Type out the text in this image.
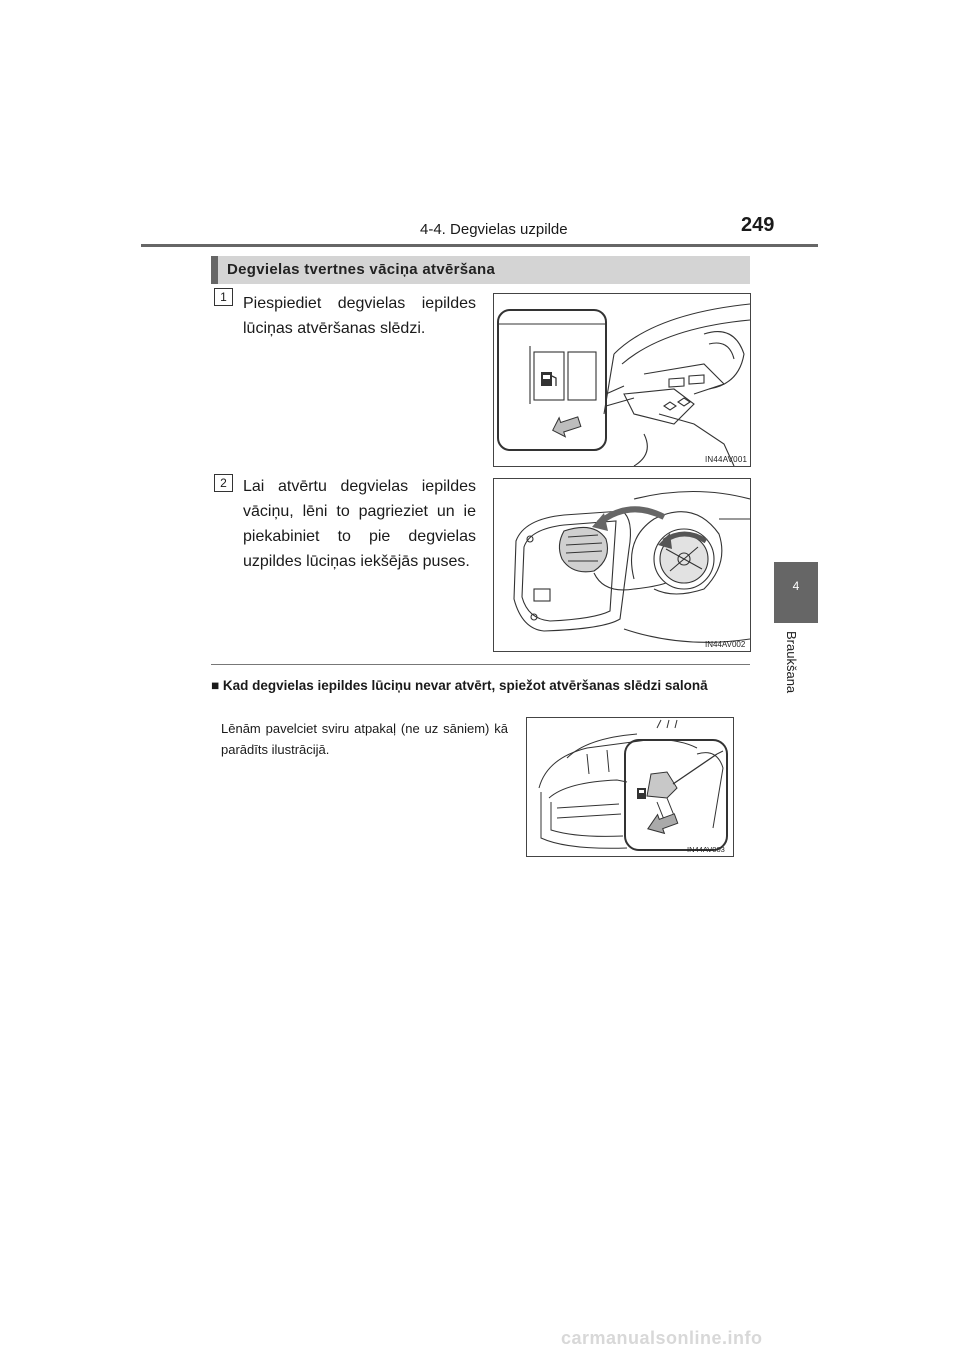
4-4. Degvielas uzpilde	249
4
Braukšana
Degvielas tvertnes vāciņa atvēršana
1	Piespiediet degvielas iepildes lūciņas atvēršanas slēdzi.
IN44AV001
2	Lai atvērtu degvielas iepildes vāciņu, lēni to pagrieziet un ie piekabiniet to pie degvielas uzpildes lūciņas iekšējās puses.
IN44AV002
■ Kad degvielas iepildes lūciņu nevar atvērt, spiežot atvēršanas slēdzi salonā
Lēnām pavelciet sviru atpakaļ (ne uz sāniem) kā parādīts ilustrācijā.
IN44AV003
carmanualsonline.info
